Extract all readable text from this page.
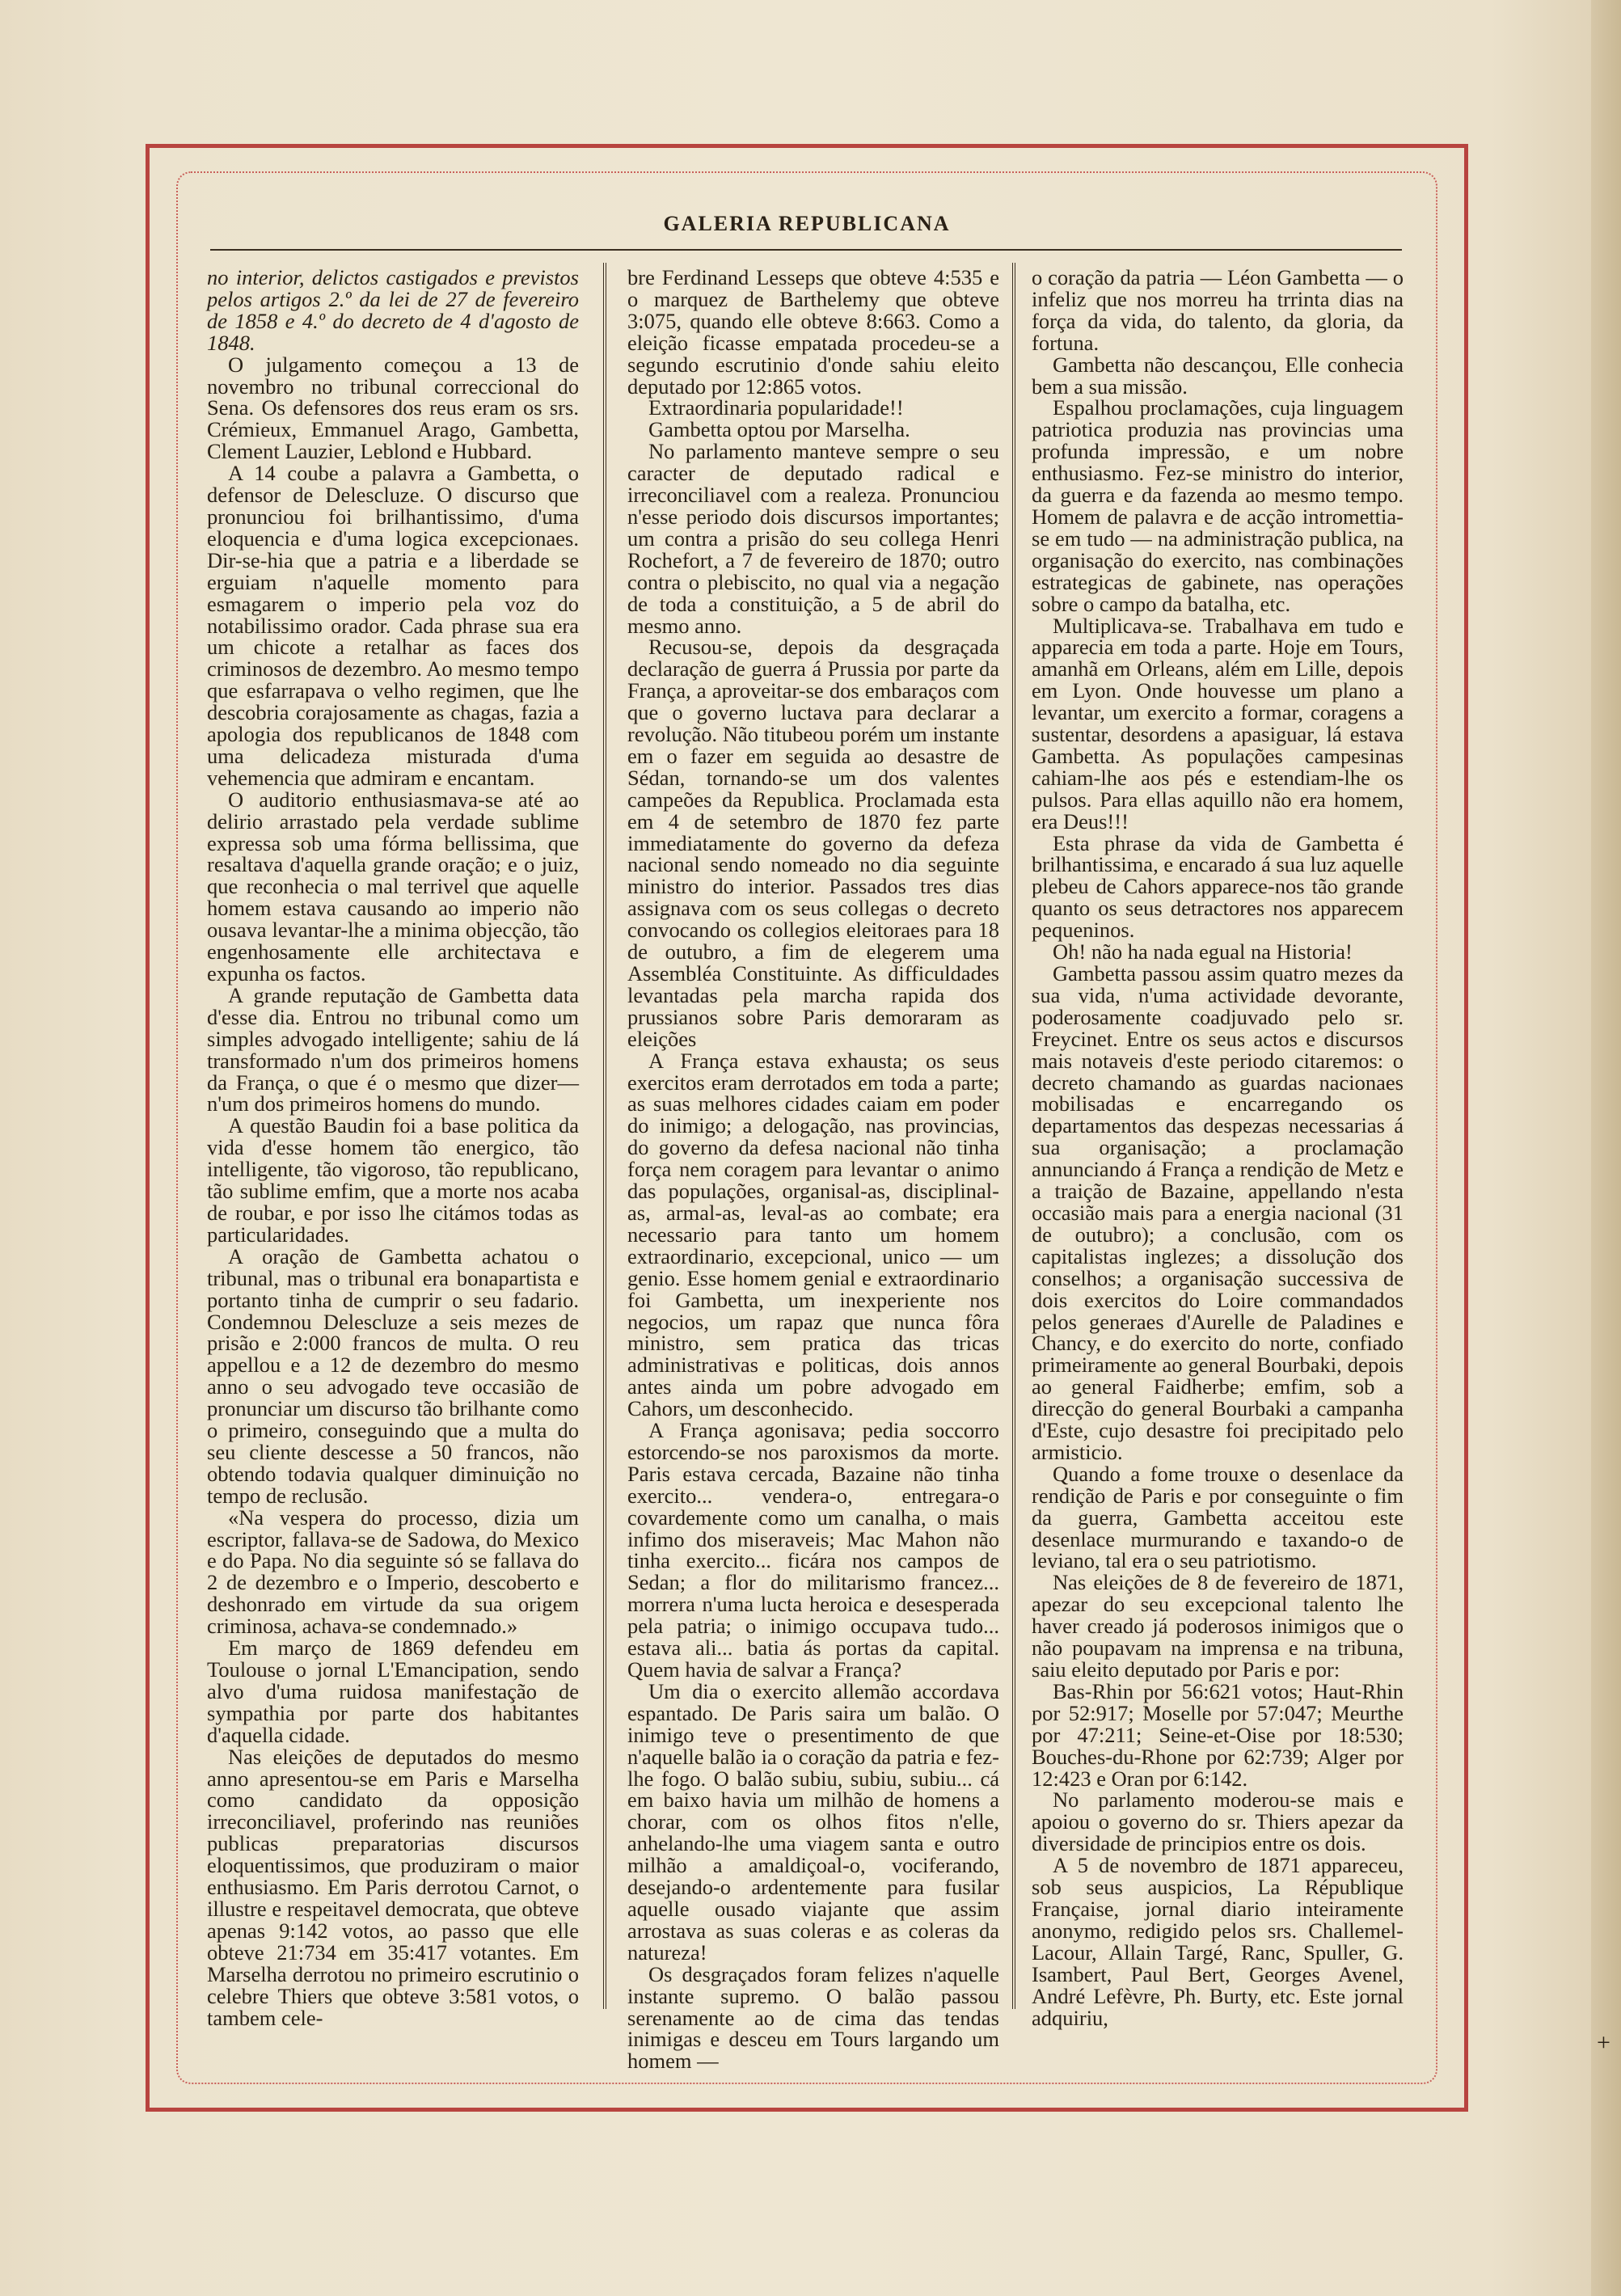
GALERIA REPUBLICANA

no interior, delictos castigados e previstos pelos artigos 2.º da lei de 27 de fevereiro de 1858 e 4.º do decreto de 4 d'agosto de 1848.

O julgamento começou a 13 de novembro no tribunal correccional do Sena. Os defensores dos reus eram os srs. Crémieux, Emmanuel Arago, Gambetta, Clement Lauzier, Leblond e Hubbard.

A 14 coube a palavra a Gambetta, o defensor de Delescluze. O discurso que pronunciou foi brilhantissimo, d'uma eloquencia e d'uma logica excepcionaes. Dir-se-hia que a patria e a liberdade se erguiam n'aquelle momento para esmagarem o imperio pela voz do notabilissimo orador. Cada phrase sua era um chicote a retalhar as faces dos criminosos de dezembro. Ao mesmo tempo que esfarrapava o velho regimen, que lhe descobria corajosamente as chagas, fazia a apologia dos republicanos de 1848 com uma delicadeza misturada d'uma vehemencia que admiram e encantam.

O auditorio enthusiasmava-se até ao delirio arrastado pela verdade sublime expressa sob uma fórma bellissima, que resaltava d'aquella grande oração; e o juiz, que reconhecia o mal terrivel que aquelle homem estava causando ao imperio não ousava levantar-lhe a minima objecção, tão engenhosamente elle architectava e expunha os factos.

A grande reputação de Gambetta data d'esse dia. Entrou no tribunal como um simples advogado intelligente; sahiu de lá transformado n'um dos primeiros homens da França, o que é o mesmo que dizer— n'um dos primeiros homens do mundo.

A questão Baudin foi a base politica da vida d'esse homem tão energico, tão intelligente, tão vigoroso, tão republicano, tão sublime emfim, que a morte nos acaba de roubar, e por isso lhe citámos todas as particularidades.

A oração de Gambetta achatou o tribunal, mas o tribunal era bonapartista e portanto tinha de cumprir o seu fadario. Condemnou Delescluze a seis mezes de prisão e 2:000 francos de multa. O reu appellou e a 12 de dezembro do mesmo anno o seu advogado teve occasião de pronunciar um discurso tão brilhante como o primeiro, conseguindo que a multa do seu cliente descesse a 50 francos, não obtendo todavia qualquer diminuição no tempo de reclusão.

«Na vespera do processo, dizia um escriptor, fallava-se de Sadowa, do Mexico e do Papa. No dia seguinte só se fallava do 2 de dezembro e o Imperio, descoberto e deshonrado em virtude da sua origem criminosa, achava-se condemnado.»

Em março de 1869 defendeu em Toulouse o jornal L'Emancipation, sendo alvo d'uma ruidosa manifestação de sympathia por parte dos habitantes d'aquella cidade.

Nas eleições de deputados do mesmo anno apresentou-se em Paris e Marselha como candidato da opposição irreconciliavel, proferindo nas reuniões publicas preparatorias discursos eloquentissimos, que produziram o maior enthusiasmo. Em Paris derrotou Carnot, o illustre e respeitavel democrata, que obteve apenas 9:142 votos, ao passo que elle obteve 21:734 em 35:417 votantes. Em Marselha derrotou no primeiro escrutinio o celebre Thiers que obteve 3:581 votos, o tambem cele-

bre Ferdinand Lesseps que obteve 4:535 e o marquez de Barthelemy que obteve 3:075, quando elle obteve 8:663. Como a eleição ficasse empatada procedeu-se a segundo escrutinio d'onde sahiu eleito deputado por 12:865 votos.

Extraordinaria popularidade!!

Gambetta optou por Marselha.

No parlamento manteve sempre o seu caracter de deputado radical e irreconciliavel com a realeza. Pronunciou n'esse periodo dois discursos importantes; um contra a prisão do seu collega Henri Rochefort, a 7 de fevereiro de 1870; outro contra o plebiscito, no qual via a negação de toda a constituição, a 5 de abril do mesmo anno.

Recusou-se, depois da desgraçada declaração de guerra á Prussia por parte da França, a aproveitar-se dos embaraços com que o governo luctava para declarar a revolução. Não titubeou porém um instante em o fazer em seguida ao desastre de Sédan, tornando-se um dos valentes campeões da Republica. Proclamada esta em 4 de setembro de 1870 fez parte immediatamente do governo da defeza nacional sendo nomeado no dia seguinte ministro do interior. Passados tres dias assignava com os seus collegas o decreto convocando os collegios eleitoraes para 18 de outubro, a fim de elegerem uma Assembléa Constituinte. As difficuldades levantadas pela marcha rapida dos prussianos sobre Paris demoraram as eleições

A França estava exhausta; os seus exercitos eram derrotados em toda a parte; as suas melhores cidades caiam em poder do inimigo; a delogação, nas provincias, do governo da defesa nacional não tinha força nem coragem para levantar o animo das populações, organisal-as, disciplinal-as, armal-as, leval-as ao combate; era necessario para tanto um homem extraordinario, excepcional, unico — um genio. Esse homem genial e extraordinario foi Gambetta, um inexperiente nos negocios, um rapaz que nunca fôra ministro, sem pratica das tricas administrativas e politicas, dois annos antes ainda um pobre advogado em Cahors, um desconhecido.

A França agonisava; pedia soccorro estorcendo-se nos paroxismos da morte. Paris estava cercada, Bazaine não tinha exercito... vendera-o, entregara-o covardemente como um canalha, o mais infimo dos miseraveis; Mac Mahon não tinha exercito... ficára nos campos de Sedan; a flor do militarismo francez... morrera n'uma lucta heroica e desesperada pela patria; o inimigo occupava tudo... estava ali... batia ás portas da capital. Quem havia de salvar a França?

Um dia o exercito allemão accordava espantado. De Paris saira um balão. O inimigo teve o presentimento de que n'aquelle balão ia o coração da patria e fez-lhe fogo. O balão subiu, subiu, subiu... cá em baixo havia um milhão de homens a chorar, com os olhos fitos n'elle, anhelando-lhe uma viagem santa e outro milhão a amaldiçoal-o, vociferando, desejando-o ardentemente para fusilar aquelle ousado viajante que assim arrostava as suas coleras e as coleras da natureza!

Os desgraçados foram felizes n'aquelle instante supremo. O balão passou serenamente ao de cima das tendas inimigas e desceu em Tours largando um homem —

o coração da patria — Léon Gambetta — o infeliz que nos morreu ha trrinta dias na força da vida, do talento, da gloria, da fortuna.

Gambetta não descançou, Elle conhecia bem a sua missão.

Espalhou proclamações, cuja linguagem patriotica produzia nas provincias uma profunda impressão, e um nobre enthusiasmo. Fez-se ministro do interior, da guerra e da fazenda ao mesmo tempo. Homem de palavra e de acção intromettia-se em tudo — na administração publica, na organisação do exercito, nas combinações estrategicas de gabinete, nas operações sobre o campo da batalha, etc.

Multiplicava-se. Trabalhava em tudo e apparecia em toda a parte. Hoje em Tours, amanhã em Orleans, além em Lille, depois em Lyon. Onde houvesse um plano a levantar, um exercito a formar, coragens a sustentar, desordens a apasiguar, lá estava Gambetta. As populações campesinas cahiam-lhe aos pés e estendiam-lhe os pulsos. Para ellas aquillo não era homem, era Deus!!!

Esta phrase da vida de Gambetta é brilhantissima, e encarado á sua luz aquelle plebeu de Cahors apparece-nos tão grande quanto os seus detractores nos apparecem pequeninos.

Oh! não ha nada egual na Historia!

Gambetta passou assim quatro mezes da sua vida, n'uma actividade devorante, poderosamente coadjuvado pelo sr. Freycinet. Entre os seus actos e discursos mais notaveis d'este periodo citaremos: o decreto chamando as guardas nacionaes mobilisadas e encarregando os departamentos das despezas necessarias á sua organisação; a proclamação annunciando á França a rendição de Metz e a traição de Bazaine, appellando n'esta occasião mais para a energia nacional (31 de outubro); a conclusão, com os capitalistas inglezes; a dissolução dos conselhos; a organisação successiva de dois exercitos do Loire commandados pelos generaes d'Aurelle de Paladines e Chancy, e do exercito do norte, confiado primeiramente ao general Bourbaki, depois ao general Faidherbe; emfim, sob a direcção do general Bourbaki a campanha d'Este, cujo desastre foi precipitado pelo armisticio.

Quando a fome trouxe o desenlace da rendição de Paris e por conseguinte o fim da guerra, Gambetta acceitou este desenlace murmurando e taxando-o de leviano, tal era o seu patriotismo.

Nas eleições de 8 de fevereiro de 1871, apezar do seu excepcional talento lhe haver creado já poderosos inimigos que o não poupavam na imprensa e na tribuna, saiu eleito deputado por Paris e por:

Bas-Rhin por 56:621 votos; Haut-Rhin por 52:917; Moselle por 57:047; Meurthe por 47:211; Seine-et-Oise por 18:530; Bouches-du-Rhone por 62:739; Alger por 12:423 e Oran por 6:142.

No parlamento moderou-se mais e apoiou o governo do sr. Thiers apezar da diversidade de principios entre os dois.

A 5 de novembro de 1871 appareceu, sob seus auspicios, La République Française, jornal diario inteiramente anonymo, redigido pelos srs. Challemel-Lacour, Allain Targé, Ranc, Spuller, G. Isambert, Paul Bert, Georges Avenel, André Lefèvre, Ph. Burty, etc. Este jornal adquiriu,

+
